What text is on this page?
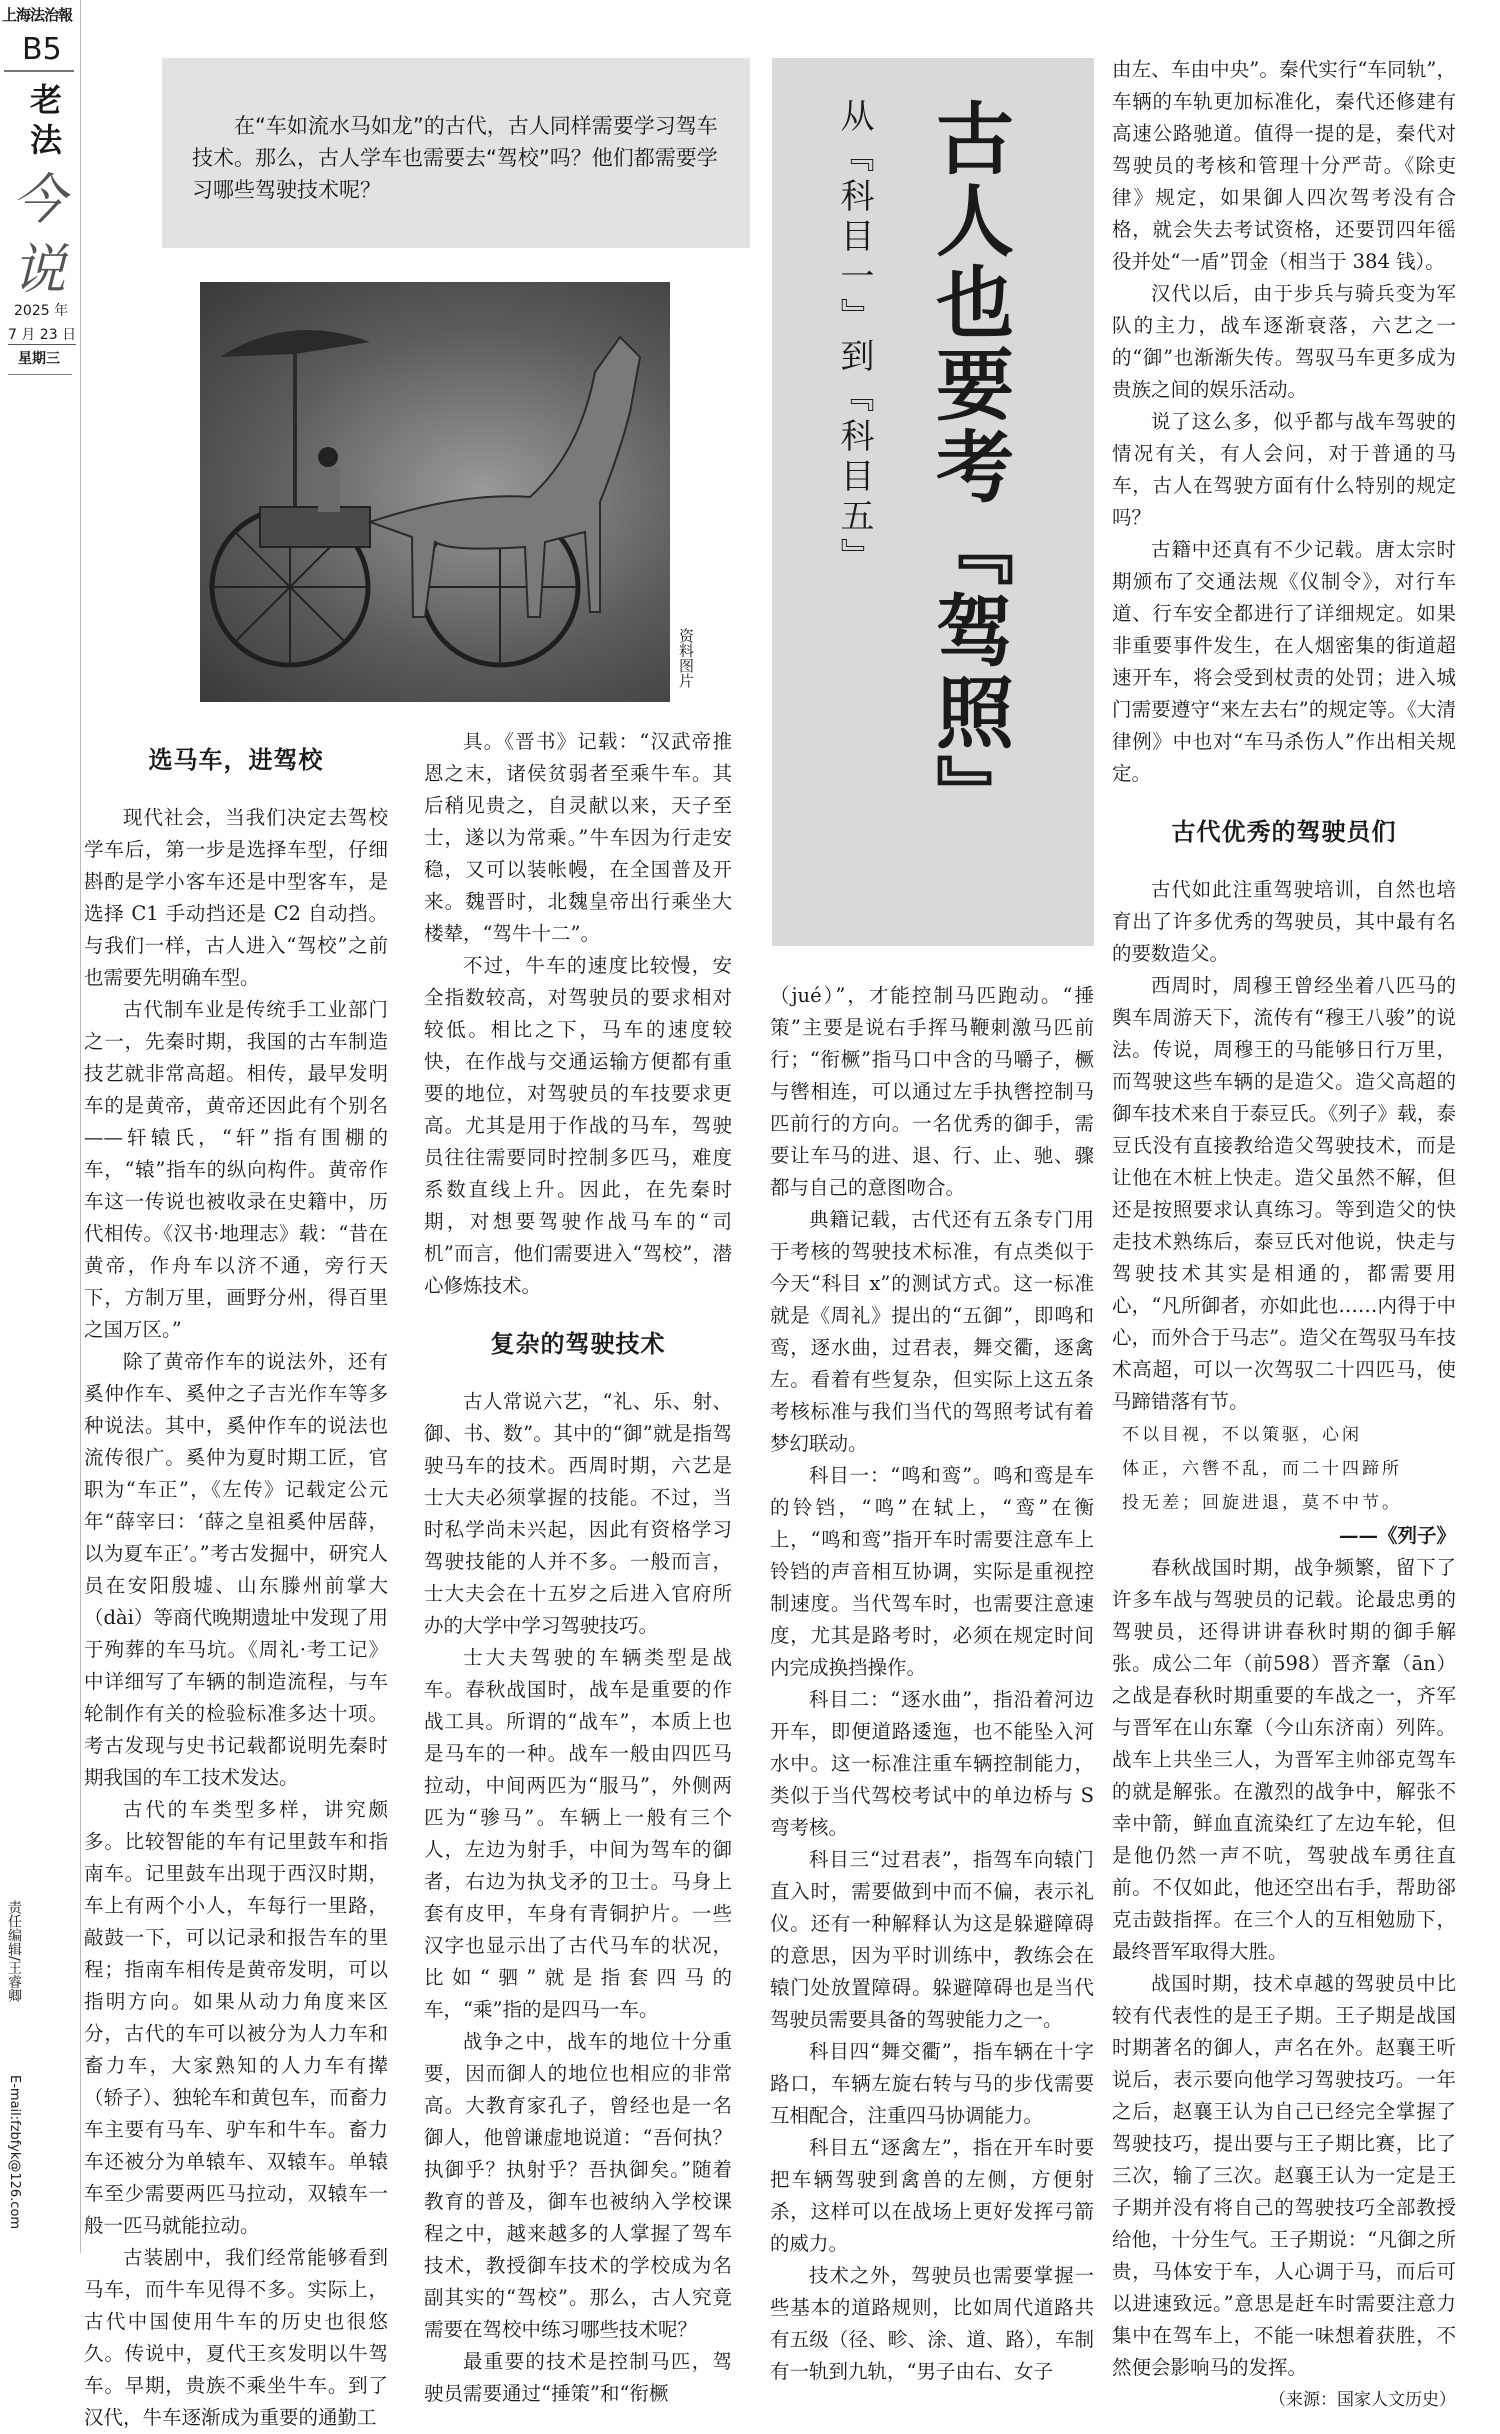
上海法治報
B5
老法
今说
2025 年
7 月 23 日
星期三
责任编辑/王睿卿
E-mail:fzbfyk@126.com
在“车如流水马如龙”的古代，古人同样需要学习驾车技术。那么，古人学车也需要去“驾校”吗？他们都需要学习哪些驾驶技术呢？
资料图片
从『科目一』到『科目五』 古人也要考『驾照』
选马车，进驾校

现代社会，当我们决定去驾校学车后，第一步是选择车型，仔细斟酌是学小客车还是中型客车，是选择 C1 手动挡还是 C2 自动挡。与我们一样，古人进入“驾校”之前也需要先明确车型。

古代制车业是传统手工业部门之一，先秦时期，我国的古车制造技艺就非常高超。相传，最早发明车的是黄帝，黄帝还因此有个别名——轩辕氏，“轩”指有围棚的车，“辕”指车的纵向构件。黄帝作车这一传说也被收录在史籍中，历代相传。《汉书·地理志》载：“昔在黄帝，作舟车以济不通，旁行天下，方制万里，画野分州，得百里之国万区。”

除了黄帝作车的说法外，还有奚仲作车、奚仲之子吉光作车等多种说法。其中，奚仲作车的说法也流传很广。奚仲为夏时期工匠，官职为“车正”，《左传》记载定公元年“薛宰曰：‘薛之皇祖奚仲居薛，以为夏车正’。”考古发掘中，研究人员在安阳殷墟、山东滕州前掌大（dài）等商代晚期遗址中发现了用于殉葬的车马坑。《周礼·考工记》中详细写了车辆的制造流程，与车轮制作有关的检验标准多达十项。考古发现与史书记载都说明先秦时期我国的车工技术发达。

古代的车类型多样，讲究颇多。比较智能的车有记里鼓车和指南车。记里鼓车出现于西汉时期，车上有两个小人，车每行一里路，敲鼓一下，可以记录和报告车的里程；指南车相传是黄帝发明，可以指明方向。如果从动力角度来区分，古代的车可以被分为人力车和畜力车，大家熟知的人力车有撵（轿子）、独轮车和黄包车，而畜力车主要有马车、驴车和牛车。畜力车还被分为单辕车、双辕车。单辕车至少需要两匹马拉动，双辕车一般一匹马就能拉动。

古装剧中，我们经常能够看到马车，而牛车见得不多。实际上，古代中国使用牛车的历史也很悠久。传说中，夏代王亥发明以牛驾车。早期，贵族不乘坐牛车。到了汉代，牛车逐渐成为重要的通勤工

具。《晋书》记载：“汉武帝推恩之末，诸侯贫弱者至乘牛车。其后稍见贵之，自灵献以来，天子至士，遂以为常乘。”牛车因为行走安稳，又可以装帐幔，在全国普及开来。魏晋时，北魏皇帝出行乘坐大楼辇，“驾牛十二”。

不过，牛车的速度比较慢，安全指数较高，对驾驶员的要求相对较低。相比之下，马车的速度较快，在作战与交通运输方便都有重要的地位，对驾驶员的车技要求更高。尤其是用于作战的马车，驾驶员往往需要同时控制多匹马，难度系数直线上升。因此，在先秦时期，对想要驾驶作战马车的“司机”而言，他们需要进入“驾校”，潜心修炼技术。

复杂的驾驶技术

古人常说六艺，“礼、乐、射、御、书、数”。其中的“御”就是指驾驶马车的技术。西周时期，六艺是士大夫必须掌握的技能。不过，当时私学尚未兴起，因此有资格学习驾驶技能的人并不多。一般而言，士大夫会在十五岁之后进入官府所办的大学中学习驾驶技巧。

士大夫驾驶的车辆类型是战车。春秋战国时，战车是重要的作战工具。所谓的“战车”，本质上也是马车的一种。战车一般由四匹马拉动，中间两匹为“服马”，外侧两匹为“骖马”。车辆上一般有三个人，左边为射手，中间为驾车的御者，右边为执戈矛的卫士。马身上套有皮甲，车身有青铜护片。一些汉字也显示出了古代马车的状况，比如“驷”就是指套四马的车，“乘”指的是四马一车。

战争之中，战车的地位十分重要，因而御人的地位也相应的非常高。大教育家孔子，曾经也是一名御人，他曾谦虚地说道：“吾何执？执御乎？执射乎？吾执御矣。”随着教育的普及，御车也被纳入学校课程之中，越来越多的人掌握了驾车技术，教授御车技术的学校成为名副其实的“驾校”。那么，古人究竟需要在驾校中练习哪些技术呢？

最重要的技术是控制马匹，驾驶员需要通过“捶策”和“衔橛

（jué）”，才能控制马匹跑动。“捶策”主要是说右手挥马鞭刺激马匹前行；“衔橛”指马口中含的马嚼子，橛与辔相连，可以通过左手执辔控制马匹前行的方向。一名优秀的御手，需要让车马的进、退、行、止、驰、骤都与自己的意图吻合。

典籍记载，古代还有五条专门用于考核的驾驶技术标准，有点类似于今天“科目 x”的测试方式。这一标准就是《周礼》提出的“五御”，即鸣和鸾，逐水曲，过君表，舞交衢，逐禽左。看着有些复杂，但实际上这五条考核标准与我们当代的驾照考试有着梦幻联动。

科目一：“鸣和鸾”。鸣和鸾是车的铃铛，“鸣”在轼上，“鸾”在衡上，“鸣和鸾”指开车时需要注意车上铃铛的声音相互协调，实际是重视控制速度。当代驾车时，也需要注意速度，尤其是路考时，必须在规定时间内完成换挡操作。

科目二：“逐水曲”，指沿着河边开车，即便道路逶迤，也不能坠入河水中。这一标准注重车辆控制能力，类似于当代驾校考试中的单边桥与 S 弯考核。

科目三“过君表”，指驾车向辕门直入时，需要做到中而不偏，表示礼仪。还有一种解释认为这是躲避障碍的意思，因为平时训练中，教练会在辕门处放置障碍。躲避障碍也是当代驾驶员需要具备的驾驶能力之一。

科目四“舞交衢”，指车辆在十字路口，车辆左旋右转与马的步伐需要互相配合，注重四马协调能力。

科目五“逐禽左”，指在开车时要把车辆驾驶到禽兽的左侧，方便射杀，这样可以在战场上更好发挥弓箭的威力。

技术之外，驾驶员也需要掌握一些基本的道路规则，比如周代道路共有五级（径、畛、涂、道、路），车制有一轨到九轨，“男子由右、女子

由左、车由中央”。秦代实行“车同轨”，车辆的车轨更加标准化，秦代还修建有高速公路驰道。值得一提的是，秦代对驾驶员的考核和管理十分严苛。《除吏律》规定，如果御人四次驾考没有合格，就会失去考试资格，还要罚四年徭役并处“一盾”罚金（相当于 384 钱）。

汉代以后，由于步兵与骑兵变为军队的主力，战车逐渐衰落，六艺之一的“御”也渐渐失传。驾驭马车更多成为贵族之间的娱乐活动。

说了这么多，似乎都与战车驾驶的情况有关，有人会问，对于普通的马车，古人在驾驶方面有什么特别的规定吗？

古籍中还真有不少记载。唐太宗时期颁布了交通法规《仪制令》，对行车道、行车安全都进行了详细规定。如果非重要事件发生，在人烟密集的街道超速开车，将会受到杖责的处罚；进入城门需要遵守“来左去右”的规定等。《大清律例》中也对“车马杀伤人”作出相关规定。

古代优秀的驾驶员们

古代如此注重驾驶培训，自然也培育出了许多优秀的驾驶员，其中最有名的要数造父。

西周时，周穆王曾经坐着八匹马的舆车周游天下，流传有“穆王八骏”的说法。传说，周穆王的马能够日行万里，而驾驶这些车辆的是造父。造父高超的御车技术来自于泰豆氏。《列子》载，泰豆氏没有直接教给造父驾驶技术，而是让他在木桩上快走。造父虽然不解，但还是按照要求认真练习。等到造父的快走技术熟练后，泰豆氏对他说，快走与驾驶技术其实是相通的，都需要用心，“凡所御者，亦如此也……内得于中心，而外合于马志”。造父在驾驭马车技术高超，可以一次驾驭二十四匹马，使马蹄错落有节。

不以目视，不以策驱，心闲

体正，六辔不乱，而二十四蹄所

投无差；回旋进退，莫不中节。

——《列子》

春秋战国时期，战争频繁，留下了许多车战与驾驶员的记载。论最忠勇的驾驶员，还得讲讲春秋时期的御手解张。成公二年（前598）晋齐鞌（ān）之战是春秋时期重要的车战之一，齐军与晋军在山东鞌（今山东济南）列阵。战车上共坐三人，为晋军主帅郤克驾车的就是解张。在激烈的战争中，解张不幸中箭，鲜血直流染红了左边车轮，但是他仍然一声不吭，驾驶战车勇往直前。不仅如此，他还空出右手，帮助郤克击鼓指挥。在三个人的互相勉励下，最终晋军取得大胜。

战国时期，技术卓越的驾驶员中比较有代表性的是王子期。王子期是战国时期著名的御人，声名在外。赵襄王听说后，表示要向他学习驾驶技巧。一年之后，赵襄王认为自己已经完全掌握了驾驶技巧，提出要与王子期比赛，比了三次，输了三次。赵襄王认为一定是王子期并没有将自己的驾驶技巧全部教授给他，十分生气。王子期说：“凡御之所贵，马体安于车，人心调于马，而后可以进速致远。”意思是赶车时需要注意力集中在驾车上，不能一味想着获胜，不然便会影响马的发挥。

（来源：国家人文历史）
